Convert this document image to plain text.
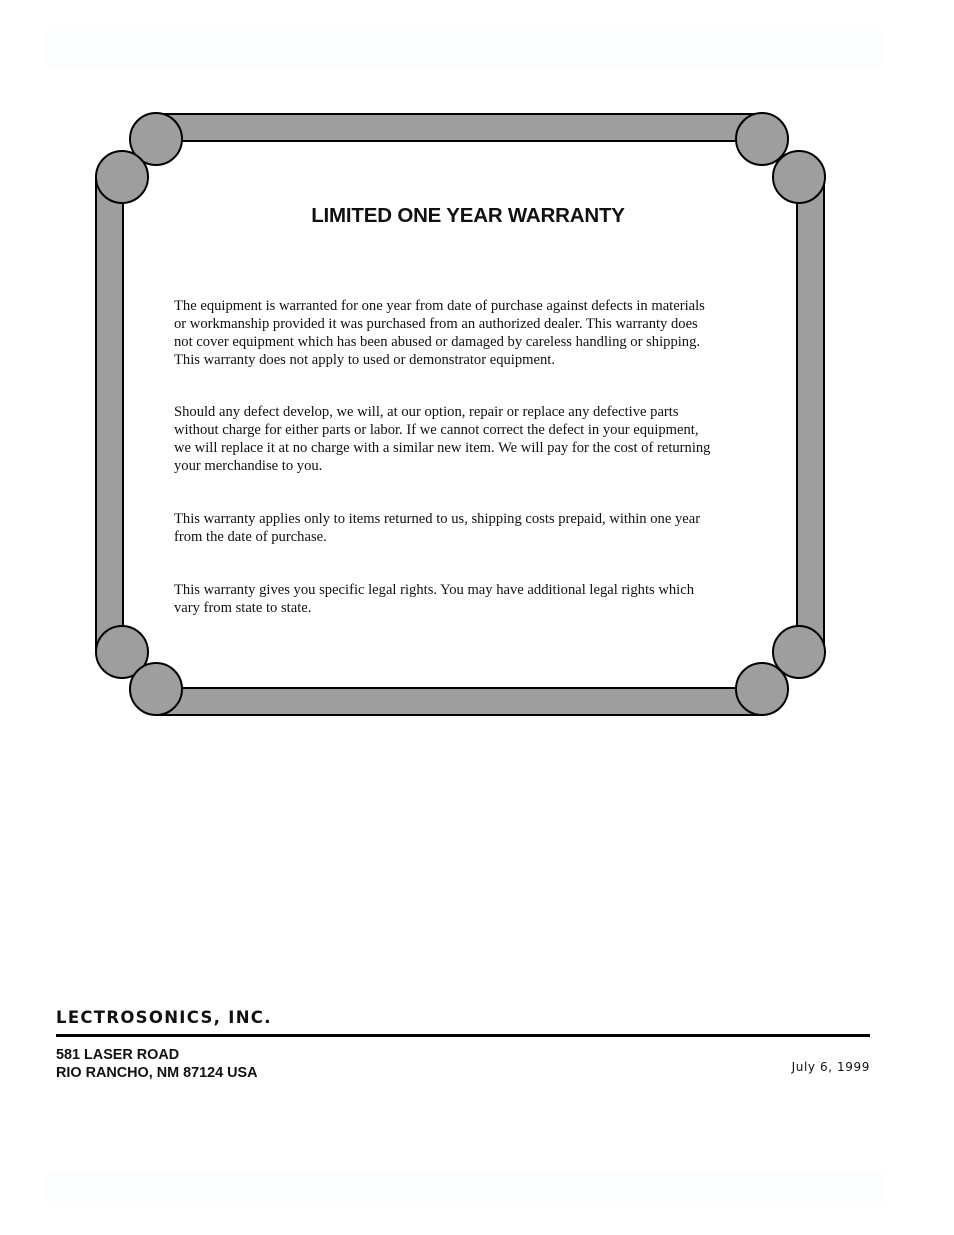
LIMITED ONE YEAR WARRANTY

The equipment is warranted for one year from date of purchase against defects in materials
or workmanship provided it was purchased from an authorized dealer. This warranty does
not cover equipment which has been abused or damaged by careless handling or shipping.
This warranty does not apply to used or demonstrator equipment.

Should any defect develop, we will, at our option, repair or replace any defective parts
without charge for either parts or labor. If we cannot correct the defect in your equipment,
we will replace it at no charge with a similar new item. We will pay for the cost of returning
your merchandise to you.

This warranty applies only to items returned to us, shipping costs prepaid, within one year
from the date of purchase.

This warranty gives you specific legal rights. You may have additional legal rights which
vary from state to state.

LECTROSONICS, INC.

581 LASER ROAD

RIO RANCHO, NM 87124 USA	July 6, 1999
